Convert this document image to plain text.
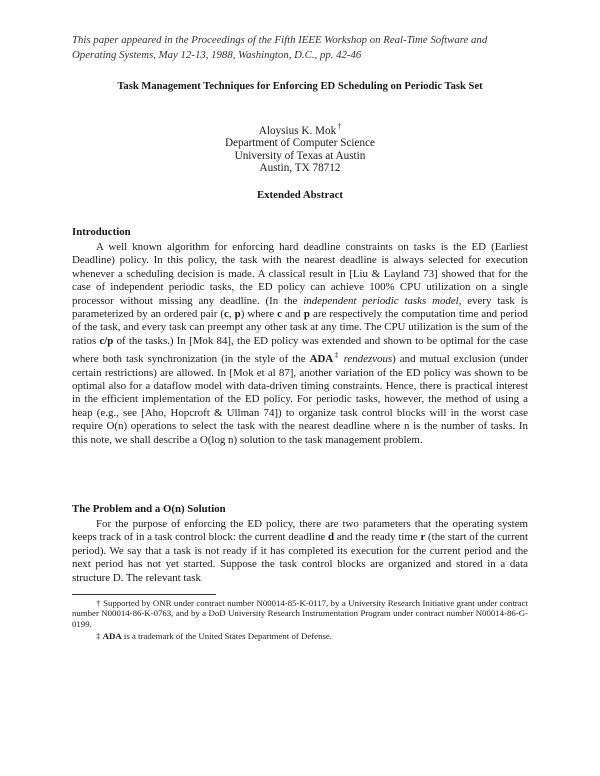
This paper appeared in the Proceedings of the Fifth IEEE Workshop on Real-Time Software and Operating Systems, May 12-13, 1988, Washington, D.C., pp. 42-46
Task Management Techniques for Enforcing ED Scheduling on Periodic Task Set
Aloysius K. Mok†
Department of Computer Science
University of Texas at Austin
Austin, TX 78712
Extended Abstract
Introduction

A well known algorithm for enforcing hard deadline constraints on tasks is the ED (Earliest Deadline) policy. In this policy, the task with the nearest deadline is always selected for execution whenever a scheduling decision is made. A classical result in [Liu & Layland 73] showed that for the case of independent periodic tasks, the ED policy can achieve 100% CPU utilization on a single processor without missing any deadline. (In the independent periodic tasks model, every task is parameterized by an ordered pair (c, p) where c and p are respectively the computation time and period of the task, and every task can preempt any other task at any time. The CPU utilization is the sum of the ratios c/p of the tasks.) In [Mok 84], the ED policy was extended and shown to be optimal for the case where both task synchronization (in the style of the ADA‡ rendezvous) and mutual exclusion (under certain restrictions) are allowed. In [Mok et al 87], another variation of the ED policy was shown to be optimal also for a dataflow model with data-driven timing constraints. Hence, there is practical interest in the efficient implementation of the ED policy. For periodic tasks, however, the method of using a heap (e.g., see [Aho, Hopcroft & Ullman 74]) to organize task control blocks will in the worst case require O(n) operations to select the task with the nearest deadline where n is the number of tasks. In this note, we shall describe a O(log n) solution to the task management problem.

The Problem and a O(n) Solution

For the purpose of enforcing the ED policy, there are two parameters that the operating system keeps track of in a task control block: the current deadline d and the ready time r (the start of the current period). We say that a task is not ready if it has completed its execution for the current period and the next period has not yet started. Suppose the task control blocks are organized and stored in a data structure D. The relevant task

† Supported by ONR under contract number N00014-85-K-0117, by a University Research Initiative grant under contract number N00014-86-K-0763, and by a DoD University Research Instrumentation Program under contract number N00014-86-G-0199.

‡ ADA is a trademark of the United States Department of Defense.
